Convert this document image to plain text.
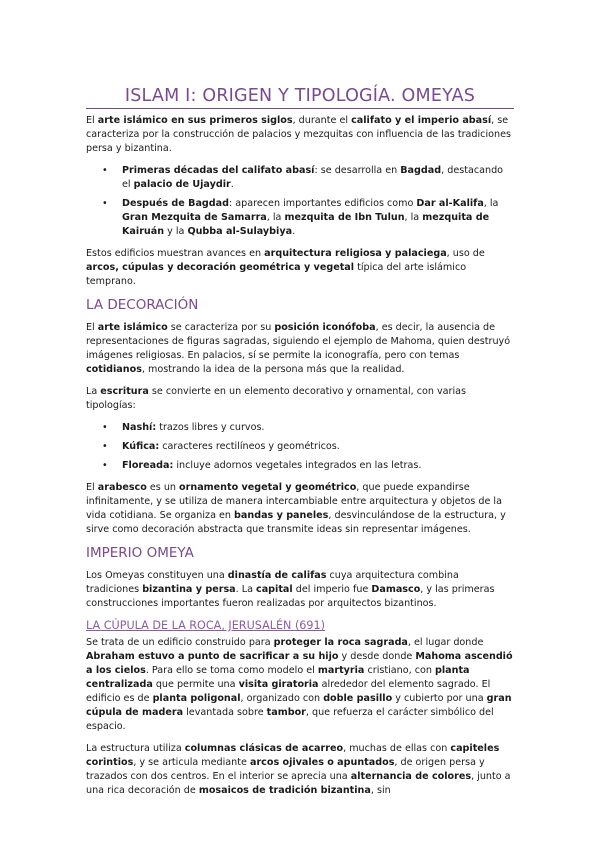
ISLAM I: ORIGEN Y TIPOLOGÍA. OMEYAS

El arte islámico en sus primeros siglos, durante el califato y el imperio abasí, se caracteriza por la construcción de palacios y mezquitas con influencia de las tradiciones persa y bizantina.

• Primeras décadas del califato abasí: se desarrolla en Bagdad, destacando el palacio de Ujaydir.
• Después de Bagdad: aparecen importantes edificios como Dar al-Kalifa, la Gran Mezquita de Samarra, la mezquita de Ibn Tulun, la mezquita de Kairuán y la Qubba al-Sulaybiya.

Estos edificios muestran avances en arquitectura religiosa y palaciega, uso de arcos, cúpulas y decoración geométrica y vegetal típica del arte islámico temprano.

LA DECORACIÓN

El arte islámico se caracteriza por su posición iconófoba, es decir, la ausencia de representaciones de figuras sagradas, siguiendo el ejemplo de Mahoma, quien destruyó imágenes religiosas. En palacios, sí se permite la iconografía, pero con temas cotidianos, mostrando la idea de la persona más que la realidad.

La escritura se convierte en un elemento decorativo y ornamental, con varias tipologías:

• Nashí: trazos libres y curvos.
• Kúfica: caracteres rectilíneos y geométricos.
• Floreada: incluye adornos vegetales integrados en las letras.

El arabesco es un ornamento vegetal y geométrico, que puede expandirse infinitamente, y se utiliza de manera intercambiable entre arquitectura y objetos de la vida cotidiana. Se organiza en bandas y paneles, desvinculándose de la estructura, y sirve como decoración abstracta que transmite ideas sin representar imágenes.

IMPERIO OMEYA

Los Omeyas constituyen una dinastía de califas cuya arquitectura combina tradiciones bizantina y persa. La capital del imperio fue Damasco, y las primeras construcciones importantes fueron realizadas por arquitectos bizantinos.

LA CÚPULA DE LA ROCA, JERUSALÉN (691)

Se trata de un edificio construido para proteger la roca sagrada, el lugar donde Abraham estuvo a punto de sacrificar a su hijo y desde donde Mahoma ascendió a los cielos. Para ello se toma como modelo el martyria cristiano, con planta centralizada que permite una visita giratoria alrededor del elemento sagrado. El edificio es de planta poligonal, organizado con doble pasillo y cubierto por una gran cúpula de madera levantada sobre tambor, que refuerza el carácter simbólico del espacio.

La estructura utiliza columnas clásicas de acarreo, muchas de ellas con capiteles corintios, y se articula mediante arcos ojivales o apuntados, de origen persa y trazados con dos centros. En el interior se aprecia una alternancia de colores, junto a una rica decoración de mosaicos de tradición bizantina, sin
